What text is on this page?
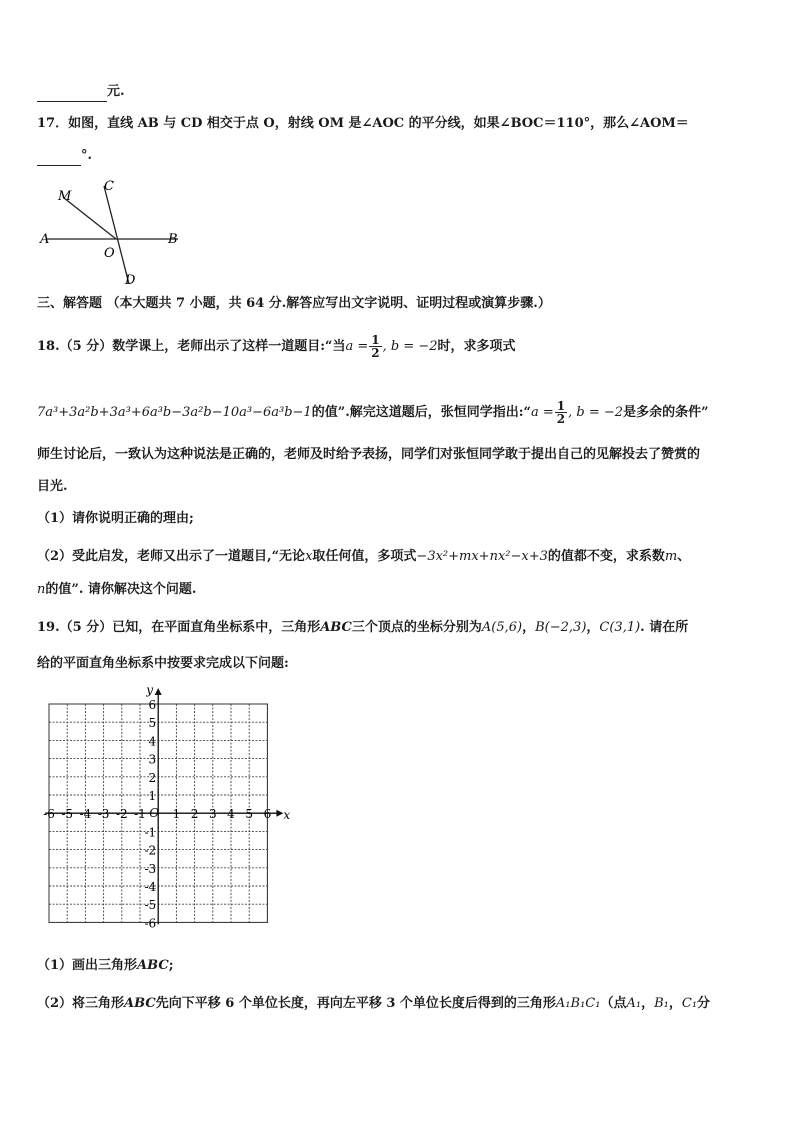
元.
17．如图，直线 AB 与 CD 相交于点 O，射线 OM 是∠AOC 的平分线，如果∠BOC＝110°，那么∠AOM＝
°.
M
C
A
O
B
D
三、解答题 （本大题共 7 小题，共 64 分.解答应写出文字说明、证明过程或演算步骤.）
18.（5 分）数学课上，老师出示了这样一道题目:“当$a = \frac{1}{2}$ , b = −2时，求多项式
7a³+3a²b+3a³+6a³b−3a²b−10a³−6a³b−1的值”.解完这道题后，张恒同学指出:“a = $\frac{1}{2}$ , b = −2是多余的条件”
师生讨论后，一致认为这种说法是正确的，老师及时给予表扬，同学们对张恒同学敢于提出自己的见解投去了赞赏的
目光.
（1）请你说明正确的理由;
（2）受此启发，老师又出示了一道题目,“无论x取任何值，多项式−3x²+mx+nx²−x+3的值都不变，求系数m、
n的值”. 请你解决这个问题.
19.（5 分）已知，在平面直角坐标系中，三角形ABC三个顶点的坐标分别为A(5,6)，B(−2,3)，C(3,1). 请在所
给的平面直角坐标系中按要求完成以下问题:
x
y
O
-6 -5 -4 -3 -2 -1 1 2 3 4 5 6
6
5
4
3
2
1
-1
-2
-3
-4
-5
-6
（1）画出三角形ABC;
（2）将三角形ABC先向下平移 6 个单位长度，再向左平移 3 个单位长度后得到的三角形A₁B₁C₁（点A₁，B₁，C₁分
